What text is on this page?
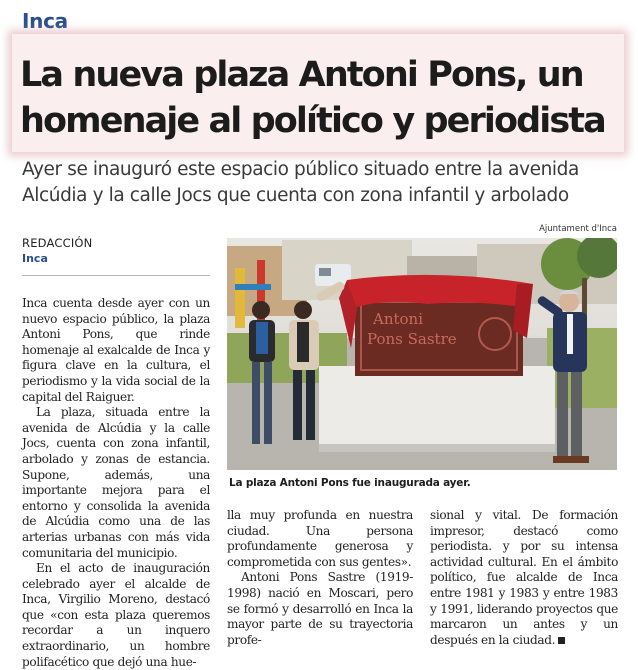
Inca
La nueva plaza Antoni Pons, un homenaje al político y periodista

Ayer se inauguró este espacio público situado entre la avenida Alcúdia y la calle Jocs que cuenta con zona infantil y arbolado

REDACCIÓN
Inca
Ajuntament d'Inca
Antoni
Pons Sastre
La plaza Antoni Pons fue inaugurada ayer.

Inca cuenta desde ayer con un nuevo espacio público, la plaza Antoni Pons, que rinde homenaje al exalcalde de Inca y figura clave en la cultura, el periodismo y la vida social de la capital del Raiguer.

La plaza, situada entre la avenida de Alcúdia y la calle Jocs, cuenta con zona infantil, arbolado y zonas de estancia. Supone, además, una importante mejora para el entorno y consolida la avenida de Alcúdia como una de las arterias urbanas con más vida comunitaria del municipio.

En el acto de inauguración celebrado ayer el alcalde de Inca, Virgilio Moreno, destacó que «con esta plaza queremos recordar a un inquero extraordinario, un hombre polifacético que dejó una hue-

lla muy profunda en nuestra ciudad. Una persona profundamente generosa y comprometida con sus gentes».

Antoni Pons Sastre (1919-1998) nació en Moscari, pero se formó y desarrolló en Inca la mayor parte de su trayectoria profe-

sional y vital. De formación impresor, destacó como periodista. y por su intensa actividad cultural. En el ámbito político, fue alcalde de Inca entre 1981 y 1983 y entre 1983 y 1991, liderando proyectos que marcaron un antes y un después en la ciudad.
